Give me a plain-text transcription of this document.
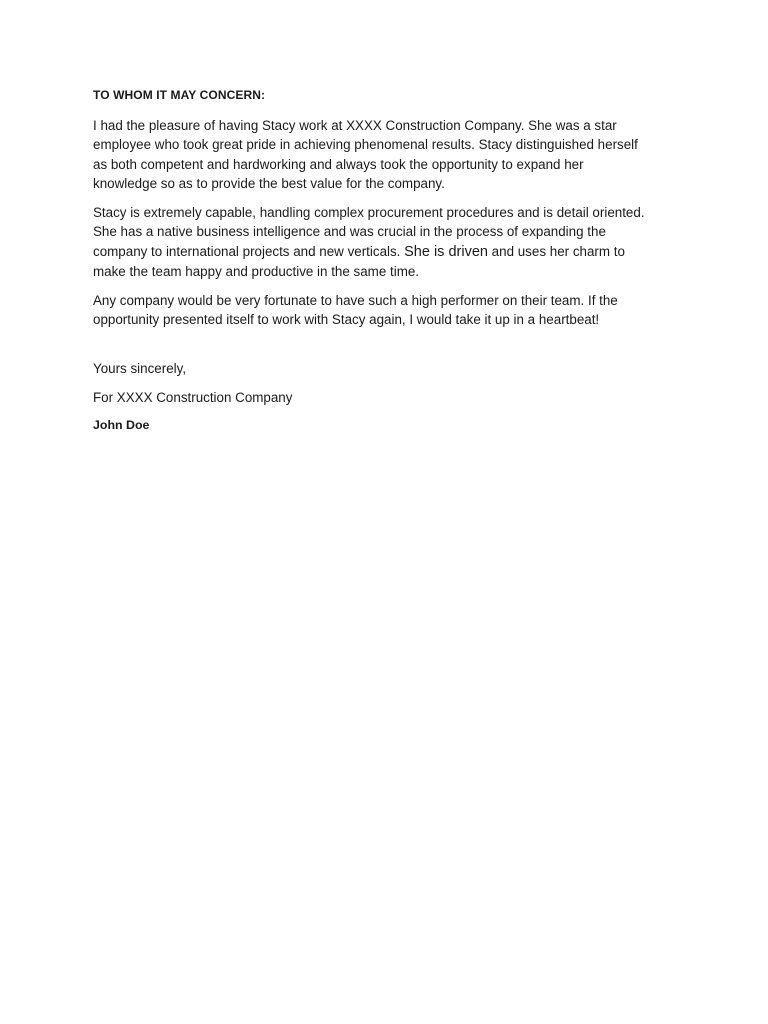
TO WHOM IT MAY CONCERN:
I had the pleasure of having Stacy work at XXXX Construction Company. She was a star
employee who took great pride in achieving phenomenal results. Stacy distinguished herself
as both competent and hardworking and always took the opportunity to expand her
knowledge so as to provide the best value for the company.
Stacy is extremely capable, handling complex procurement procedures and is detail oriented.
She has a native business intelligence and was crucial in the process of expanding the
company to international projects and new verticals. She is driven and uses her charm to
make the team happy and productive in the same time.
Any company would be very fortunate to have such a high performer on their team. If the
opportunity presented itself to work with Stacy again, I would take it up in a heartbeat!
Yours sincerely,
For XXXX Construction Company
John Doe
